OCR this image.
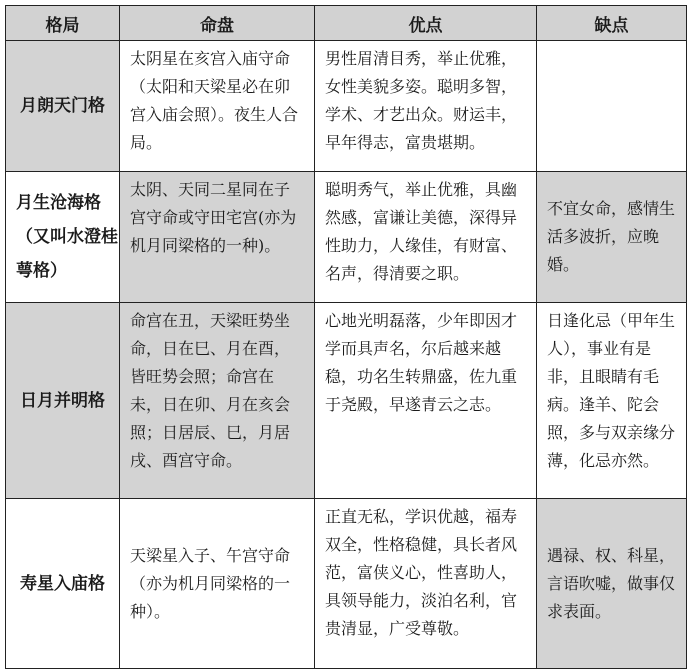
格局	命盘	优点	缺点
月朗天门格	太阴星在亥宫入庙守命（太阳和天梁星必在卯宫入庙会照）。夜生人合局。	男性眉清目秀，举止优雅，女性美貌多姿。聪明多智，学术、才艺出众。财运丰，早年得志，富贵堪期。	
月生沧海格（又叫水澄桂萼格）	太阴、天同二星同在子宫守命或守田宅宫(亦为机月同梁格的一种)。	聪明秀气，举止优雅，具幽然感，富谦让美德，深得异性助力，人缘佳，有财富、名声，得清要之职。	不宜女命，感情生活多波折，应晚婚。
日月并明格	命宫在丑，天梁旺势坐命，日在巳、月在酉，皆旺势会照；命宫在未，日在卯、月在亥会照；日居辰、巳，月居戌、酉宫守命。	心地光明磊落，少年即因才学而具声名，尔后越来越稳，功名生转鼎盛，佐九重于尧殿，早遂青云之志。	日逢化忌（甲年生人），事业有是非，且眼睛有毛病。逢羊、陀会照，多与双亲缘分薄，化忌亦然。
寿星入庙格	天梁星入子、午宫守命（亦为机月同梁格的一种）。	正直无私，学识优越，福寿双全，性格稳健，具长者风范，富侠义心，性喜助人，具领导能力，淡泊名利，官贵清显，广受尊敬。	遇禄、权、科星，言语吹嘘，做事仅求表面。
